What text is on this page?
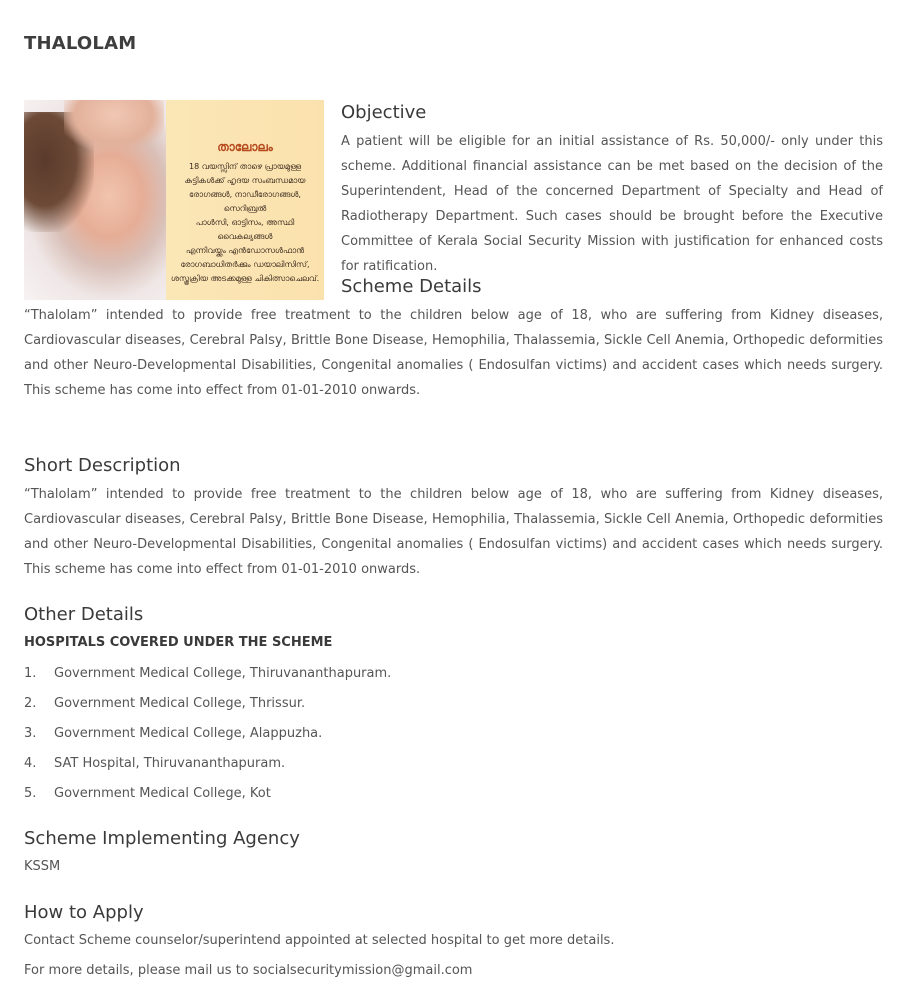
THALOLAM
താലോലം
18 വയസ്സിന് താഴെ പ്രായമുള്ള
കുട്ടികൾക്ക് ഹൃദയ സംബന്ധമായ
രോഗങ്ങൾ, നാഡീരോഗങ്ങൾ, സെറിബ്രൽ
പാൾസി, ഓട്ടിസം, അസ്ഥി വൈകല്യങ്ങൾ
എന്നിവയ്ക്കും എൻഡോസൾഫാൻ
രോഗബാധിതർക്കും ഡയാലിസിസ്,
ശസ്ത്രക്രിയ അടക്കമുള്ള ചികിത്സാചെലവ്.
Objective

A patient will be eligible for an initial assistance of Rs. 50,000/- only under this scheme. Additional financial assistance can be met based on the decision of the Superintendent, Head of the concerned Department of Specialty and Head of Radiotherapy Department. Such cases should be brought before the Executive Committee of Kerala Social Security Mission with justification for enhanced costs for ratification.

Scheme Details

“Thalolam” intended to provide free treatment to the children below age of 18, who are suffering from Kidney diseases, Cardiovascular diseases, Cerebral Palsy, Brittle Bone Disease, Hemophilia, Thalassemia, Sickle Cell Anemia, Orthopedic deformities and other Neuro-Developmental Disabilities, Congenital anomalies ( Endosulfan victims) and accident cases which needs surgery. This scheme has come into effect from 01-01-2010 onwards.

Short Description

“Thalolam” intended to provide free treatment to the children below age of 18, who are suffering from Kidney diseases, Cardiovascular diseases, Cerebral Palsy, Brittle Bone Disease, Hemophilia, Thalassemia, Sickle Cell Anemia, Orthopedic deformities and other Neuro-Developmental Disabilities, Congenital anomalies ( Endosulfan victims) and accident cases which needs surgery. This scheme has come into effect from 01-01-2010 onwards.

Other Details
HOSPITALS COVERED UNDER THE SCHEME
1. Government Medical College, Thiruvananthapuram.
2. Government Medical College, Thrissur.
3. Government Medical College, Alappuzha.
4. SAT Hospital, Thiruvananthapuram.
5. Government Medical College, Kot
Scheme Implementing Agency

KSSM

How to Apply

Contact Scheme counselor/superintend appointed at selected hospital to get more details.

For more details, please mail us to socialsecuritymission@gmail.com
